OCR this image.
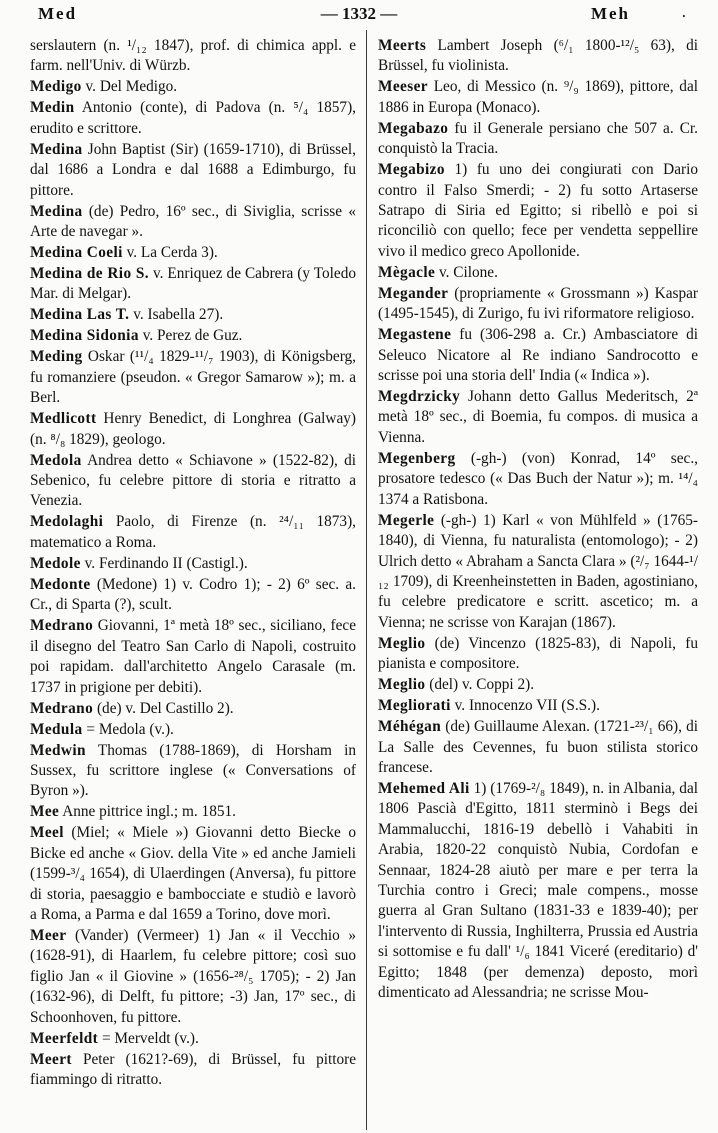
Med	— 1332 —	Meh	.

serslautern (n. ¹/₁₂ 1847), prof. di chimica appl. e farm. nell'Univ. di Würzb.

Medigo v. Del Medigo.

Medin Antonio (conte), di Padova (n. ⁵/₄ 1857), erudito e scrittore.

Medina John Baptist (Sir) (1659-1710), di Brüssel, dal 1686 a Londra e dal 1688 a Edimburgo, fu pittore.

Medina (de) Pedro, 16º sec., di Siviglia, scrisse « Arte de navegar ».

Medina Coeli v. La Cerda 3).

Medina de Rio S. v. Enriquez de Cabrera (y Toledo Mar. di Melgar).

Medina Las T. v. Isabella 27).

Medina Sidonia v. Perez de Guz.

Meding Oskar (¹¹/₄ 1829-¹¹/₇ 1903), di Königsberg, fu romanziere (pseudon. « Gregor Samarow »); m. a Berl.

Medlicott Henry Benedict, di Longhrea (Galway) (n. ⁸/₈ 1829), geologo.

Medola Andrea detto « Schiavone » (1522-82), di Sebenico, fu celebre pittore di storia e ritratto a Venezia.

Medolaghi Paolo, di Firenze (n. ²⁴/₁₁ 1873), matematico a Roma.

Medole v. Ferdinando II (Castigl.).

Medonte (Medone) 1) v. Codro 1); - 2) 6º sec. a. Cr., di Sparta (?), scult.

Medrano Giovanni, 1ª metà 18º sec., siciliano, fece il disegno del Teatro San Carlo di Napoli, costruito poi rapidam. dall'architetto Angelo Carasale (m. 1737 in prigione per debiti).

Medrano (de) v. Del Castillo 2).

Medula = Medola (v.).

Medwin Thomas (1788-1869), di Horsham in Sussex, fu scrittore inglese (« Conversations of Byron »).

Mee Anne pittrice ingl.; m. 1851.

Meel (Miel; « Miele ») Giovanni detto Biecke o Bicke ed anche « Giov. della Vite » ed anche Jamieli (1599-³/₄ 1654), di Ulaerdingen (Anversa), fu pittore di storia, paesaggio e bambocciate e studiò e lavorò a Roma, a Parma e dal 1659 a Torino, dove morì.

Meer (Vander) (Vermeer) 1) Jan « il Vecchio » (1628-91), di Haarlem, fu celebre pittore; così suo figlio Jan « il Giovine » (1656-²⁸/₅ 1705); - 2) Jan (1632-96), di Delft, fu pittore; -3) Jan, 17º sec., di Schoonhoven, fu pittore.

Meerfeldt = Merveldt (v.).

Meert Peter (1621?-69), di Brüssel, fu pittore fiammingo di ritratto.

Meerts Lambert Joseph (⁶/₁ 1800-¹²/₅ 63), di Brüssel, fu violinista.

Meeser Leo, di Messico (n. ⁹/₉ 1869), pittore, dal 1886 in Europa (Monaco).

Megabazo fu il Generale persiano che 507 a. Cr. conquistò la Tracia.

Megabizo 1) fu uno dei congiurati con Dario contro il Falso Smerdi; - 2) fu sotto Artaserse Satrapo di Siria ed Egitto; si ribellò e poi si riconciliò con quello; fece per vendetta seppellire vivo il medico greco Apollonide.

Mègacle v. Cilone.

Megander (propriamente « Grossmann ») Kaspar (1495-1545), di Zurigo, fu ivi riformatore religioso.

Megastene fu (306-298 a. Cr.) Ambasciatore di Seleuco Nicatore al Re indiano Sandrocotto e scrisse poi una storia dell' India (« Indica »).

Megdrzicky Johann detto Gallus Mederitsch, 2ª metà 18º sec., di Boemia, fu compos. di musica a Vienna.

Megenberg (-gh-) (von) Konrad, 14º sec., prosatore tedesco (« Das Buch der Natur »); m. ¹⁴/₄ 1374 a Ratisbona.

Megerle (-gh-) 1) Karl « von Mühlfeld » (1765-1840), di Vienna, fu naturalista (entomologo); - 2) Ulrich detto « Abraham a Sancta Clara » (²/₇ 1644-¹/₁₂ 1709), di Kreenheinstetten in Baden, agostiniano, fu celebre predicatore e scritt. ascetico; m. a Vienna; ne scrisse von Karajan (1867).

Meglio (de) Vincenzo (1825-83), di Napoli, fu pianista e compositore.

Meglio (del) v. Coppi 2).

Megliorati v. Innocenzo VII (S.S.).

Méhégan (de) Guillaume Alexan. (1721-²³/₁ 66), di La Salle des Cevennes, fu buon stilista storico francese.

Mehemed Ali 1) (1769-²/₈ 1849), n. in Albania, dal 1806 Pascià d'Egitto, 1811 sterminò i Begs dei Mammalucchi, 1816-19 debellò i Vahabiti in Arabia, 1820-22 conquistò Nubia, Cordofan e Sennaar, 1824-28 aiutò per mare e per terra la Turchia contro i Greci; male compens., mosse guerra al Gran Sultano (1831-33 e 1839-40); per l'intervento di Russia, Inghilterra, Prussia ed Austria si sottomise e fu dall' ¹/₆ 1841 Viceré (ereditario) d' Egitto; 1848 (per demenza) deposto, morì dimenticato ad Alessandria; ne scrisse Mou-
